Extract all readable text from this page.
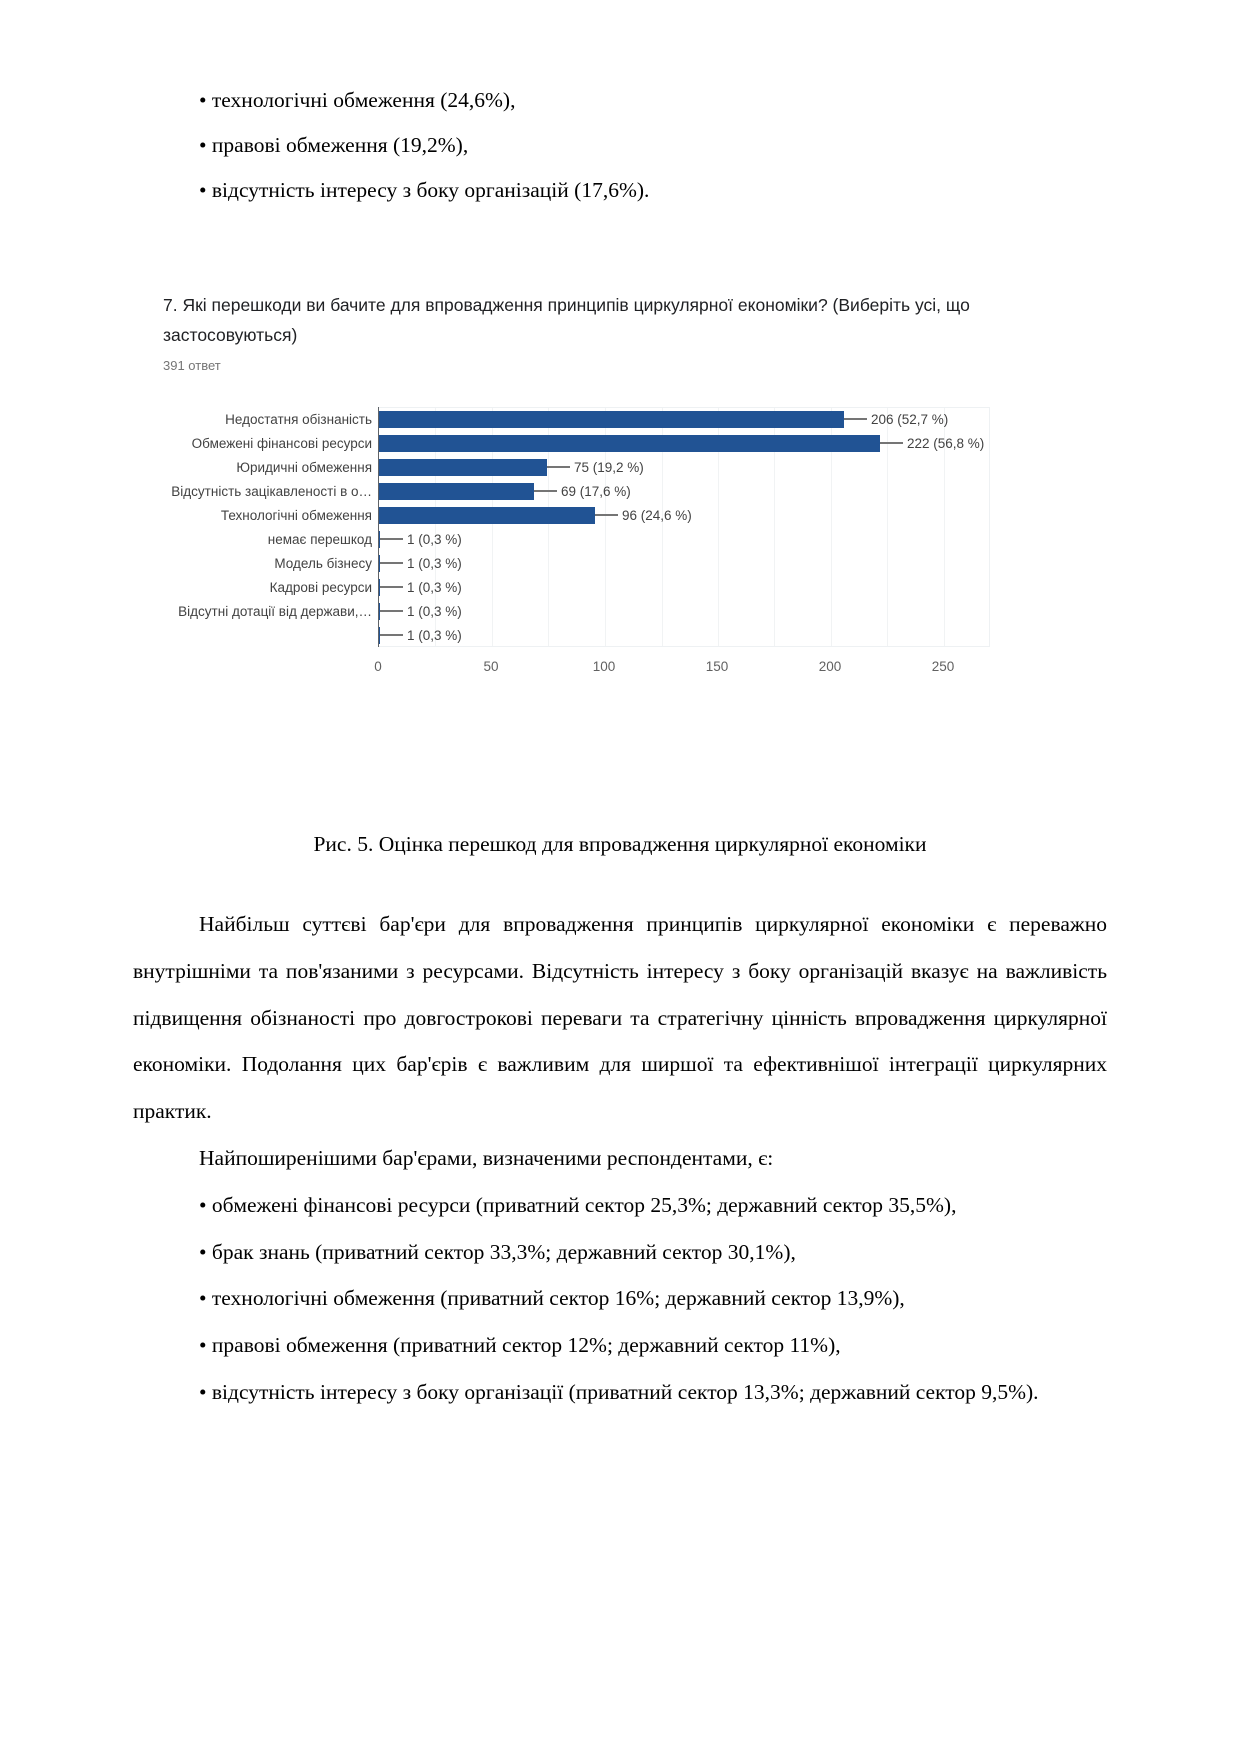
• технологічні обмеження (24,6%),
• правові обмеження (19,2%),
• відсутність інтересу з боку організацій (17,6%).
7. Які перешкоди ви бачите для впровадження принципів циркулярної економіки? (Виберіть усі, що застосовуються)
391 ответ
Недостатня обізнаність	206 (52,7 %)
Обмежені фінансові ресурси	222 (56,8 %)
Юридичні обмеження	75 (19,2 %)
Відсутність зацікавленості в о…	69 (17,6 %)
Технологічні обмеження	96 (24,6 %)
немає перешкод	1 (0,3 %)
Модель бізнесу	1 (0,3 %)
Кадрові ресурси	1 (0,3 %)
Відсутні дотації від держави,…	1 (0,3 %)
1 (0,3 %)
0	50	100	150	200	250
Рис. 5. Оцінка перешкод для впровадження циркулярної економіки

Найбільш суттєві бар'єри для впровадження принципів циркулярної економіки є переважно внутрішніми та пов'язаними з ресурсами. Відсутність інтересу з боку організацій вказує на важливість підвищення обізнаності про довгострокові переваги та стратегічну цінність впровадження циркулярної економіки. Подолання цих бар'єрів є важливим для ширшої та ефективнішої інтеграції циркулярних практик.

Найпоширенішими бар'єрами, визначеними респондентами, є:

• обмежені фінансові ресурси (приватний сектор 25,3%; державний сектор 35,5%),

• брак знань (приватний сектор 33,3%; державний сектор 30,1%),

• технологічні обмеження (приватний сектор 16%; державний сектор 13,9%),

• правові обмеження (приватний сектор 12%; державний сектор 11%),

• відсутність інтересу з боку організації (приватний сектор 13,3%; державний сектор 9,5%).
